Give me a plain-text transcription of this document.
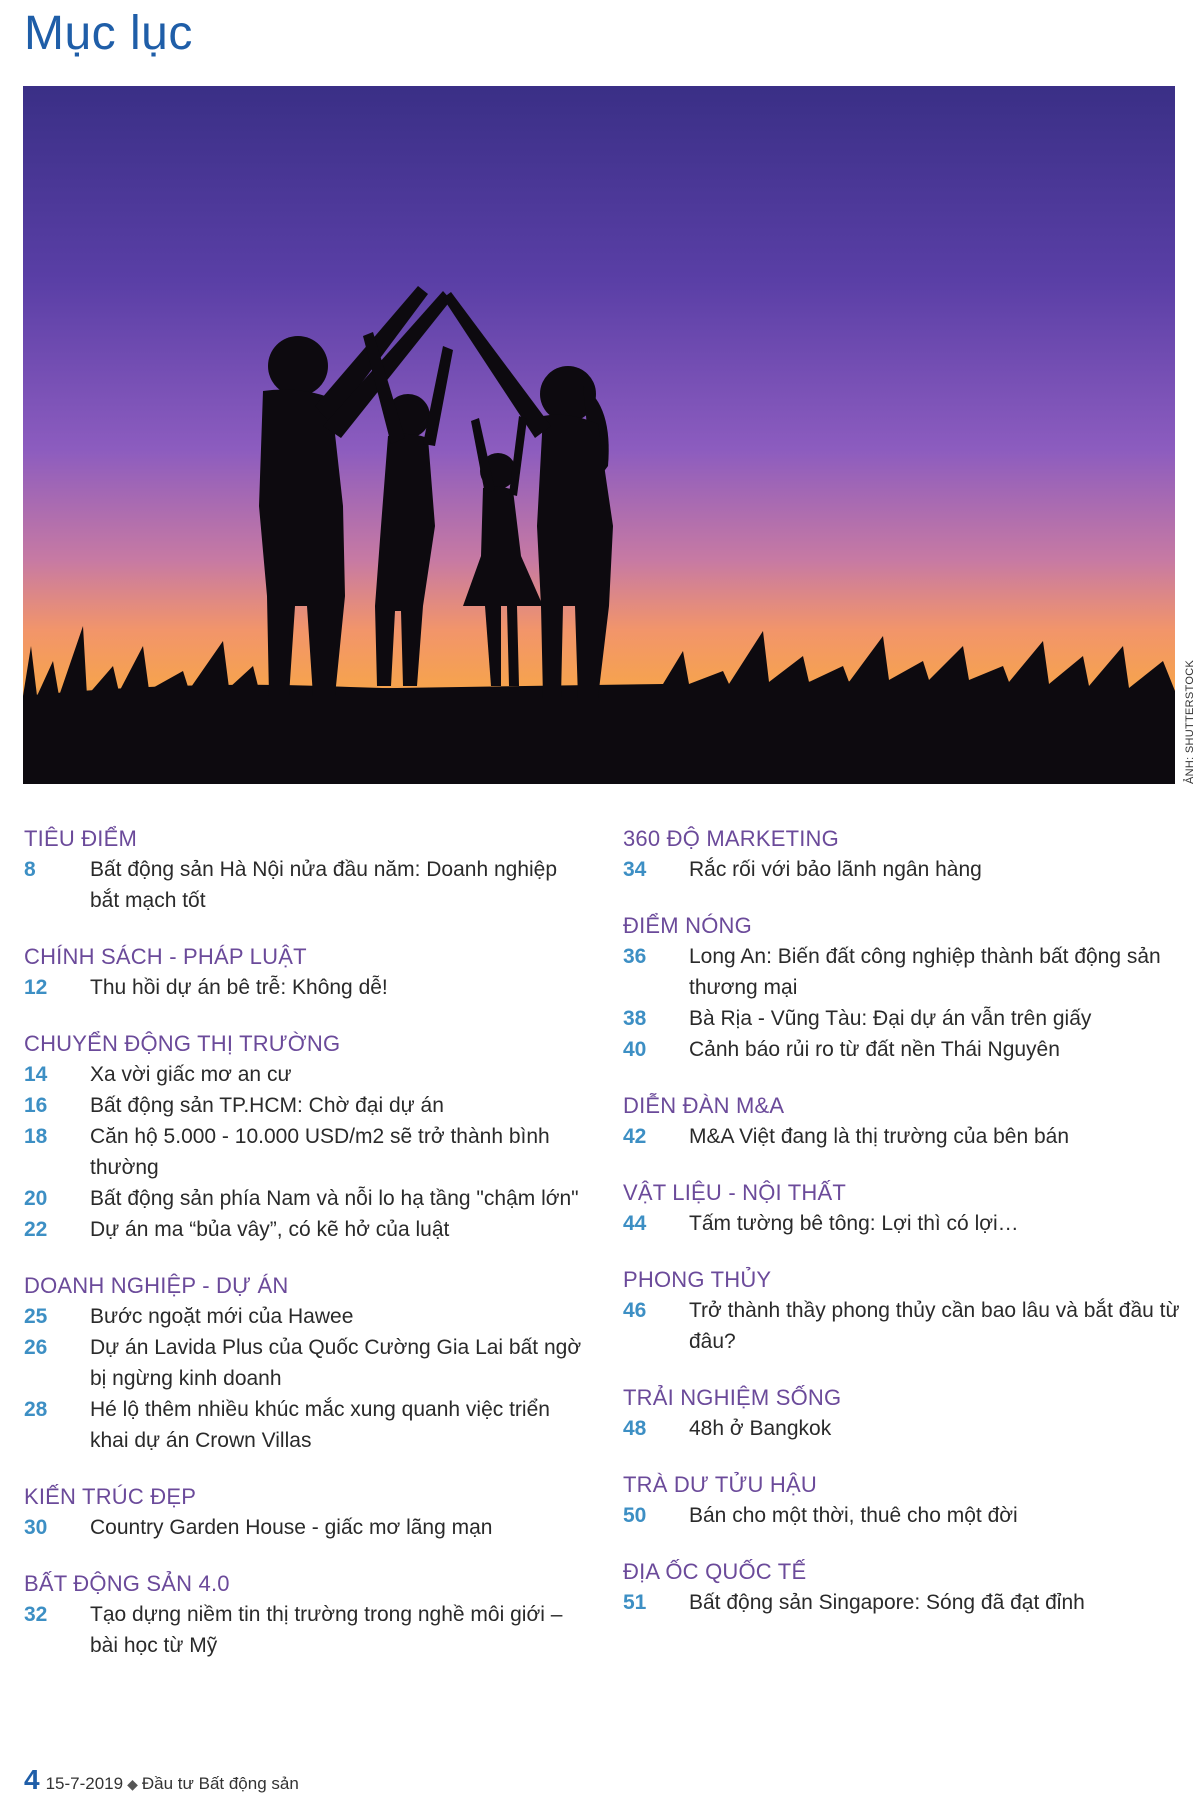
Mục lục
ẢNH: SHUTTERSTOCK
TIÊU ĐIỂM
8	Bất động sản Hà Nội nửa đầu năm: Doanh nghiệp bắt mạch tốt
CHÍNH SÁCH - PHÁP LUẬT
12	Thu hồi dự án bê trễ: Không dễ!
CHUYỂN ĐỘNG THỊ TRƯỜNG
14	Xa vời giấc mơ an cư
16	Bất động sản TP.HCM: Chờ đại dự án
18	Căn hộ 5.000 - 10.000 USD/m2 sẽ trở thành bình thường
20	Bất động sản phía Nam và nỗi lo hạ tầng "chậm lớn"
22	Dự án ma “bủa vây”, có kẽ hở của luật
DOANH NGHIỆP - DỰ ÁN
25	Bước ngoặt mới của Hawee
26	Dự án Lavida Plus của Quốc Cường Gia Lai bất ngờ bị ngừng kinh doanh
28	Hé lộ thêm nhiều khúc mắc xung quanh việc triển khai dự án Crown Villas
KIẾN TRÚC ĐẸP
30	Country Garden House - giấc mơ lãng mạn
BẤT ĐỘNG SẢN 4.0
32	Tạo dựng niềm tin thị trường trong nghề môi giới – bài học từ Mỹ
360 ĐỘ MARKETING
34	Rắc rối với bảo lãnh ngân hàng
ĐIỂM NÓNG
36	Long An: Biến đất công nghiệp thành bất động sản thương mại
38	Bà Rịa - Vũng Tàu: Đại dự án vẫn trên giấy
40	Cảnh báo rủi ro từ đất nền Thái Nguyên
DIỄN ĐÀN M&A
42	M&A Việt đang là thị trường của bên bán
VẬT LIỆU - NỘI THẤT
44	Tấm tường bê tông: Lợi thì có lợi…
PHONG THỦY
46	Trở thành thầy phong thủy cần bao lâu và bắt đầu từ đâu?
TRẢI NGHIỆM SỐNG
48	48h ở Bangkok
TRÀ DƯ TỬU HẬU
50	Bán cho một thời, thuê cho một đời
ĐỊA ỐC QUỐC TẾ
51	Bất động sản Singapore: Sóng đã đạt đỉnh
4 15-7-2019 ◆ Đầu tư Bất động sản
